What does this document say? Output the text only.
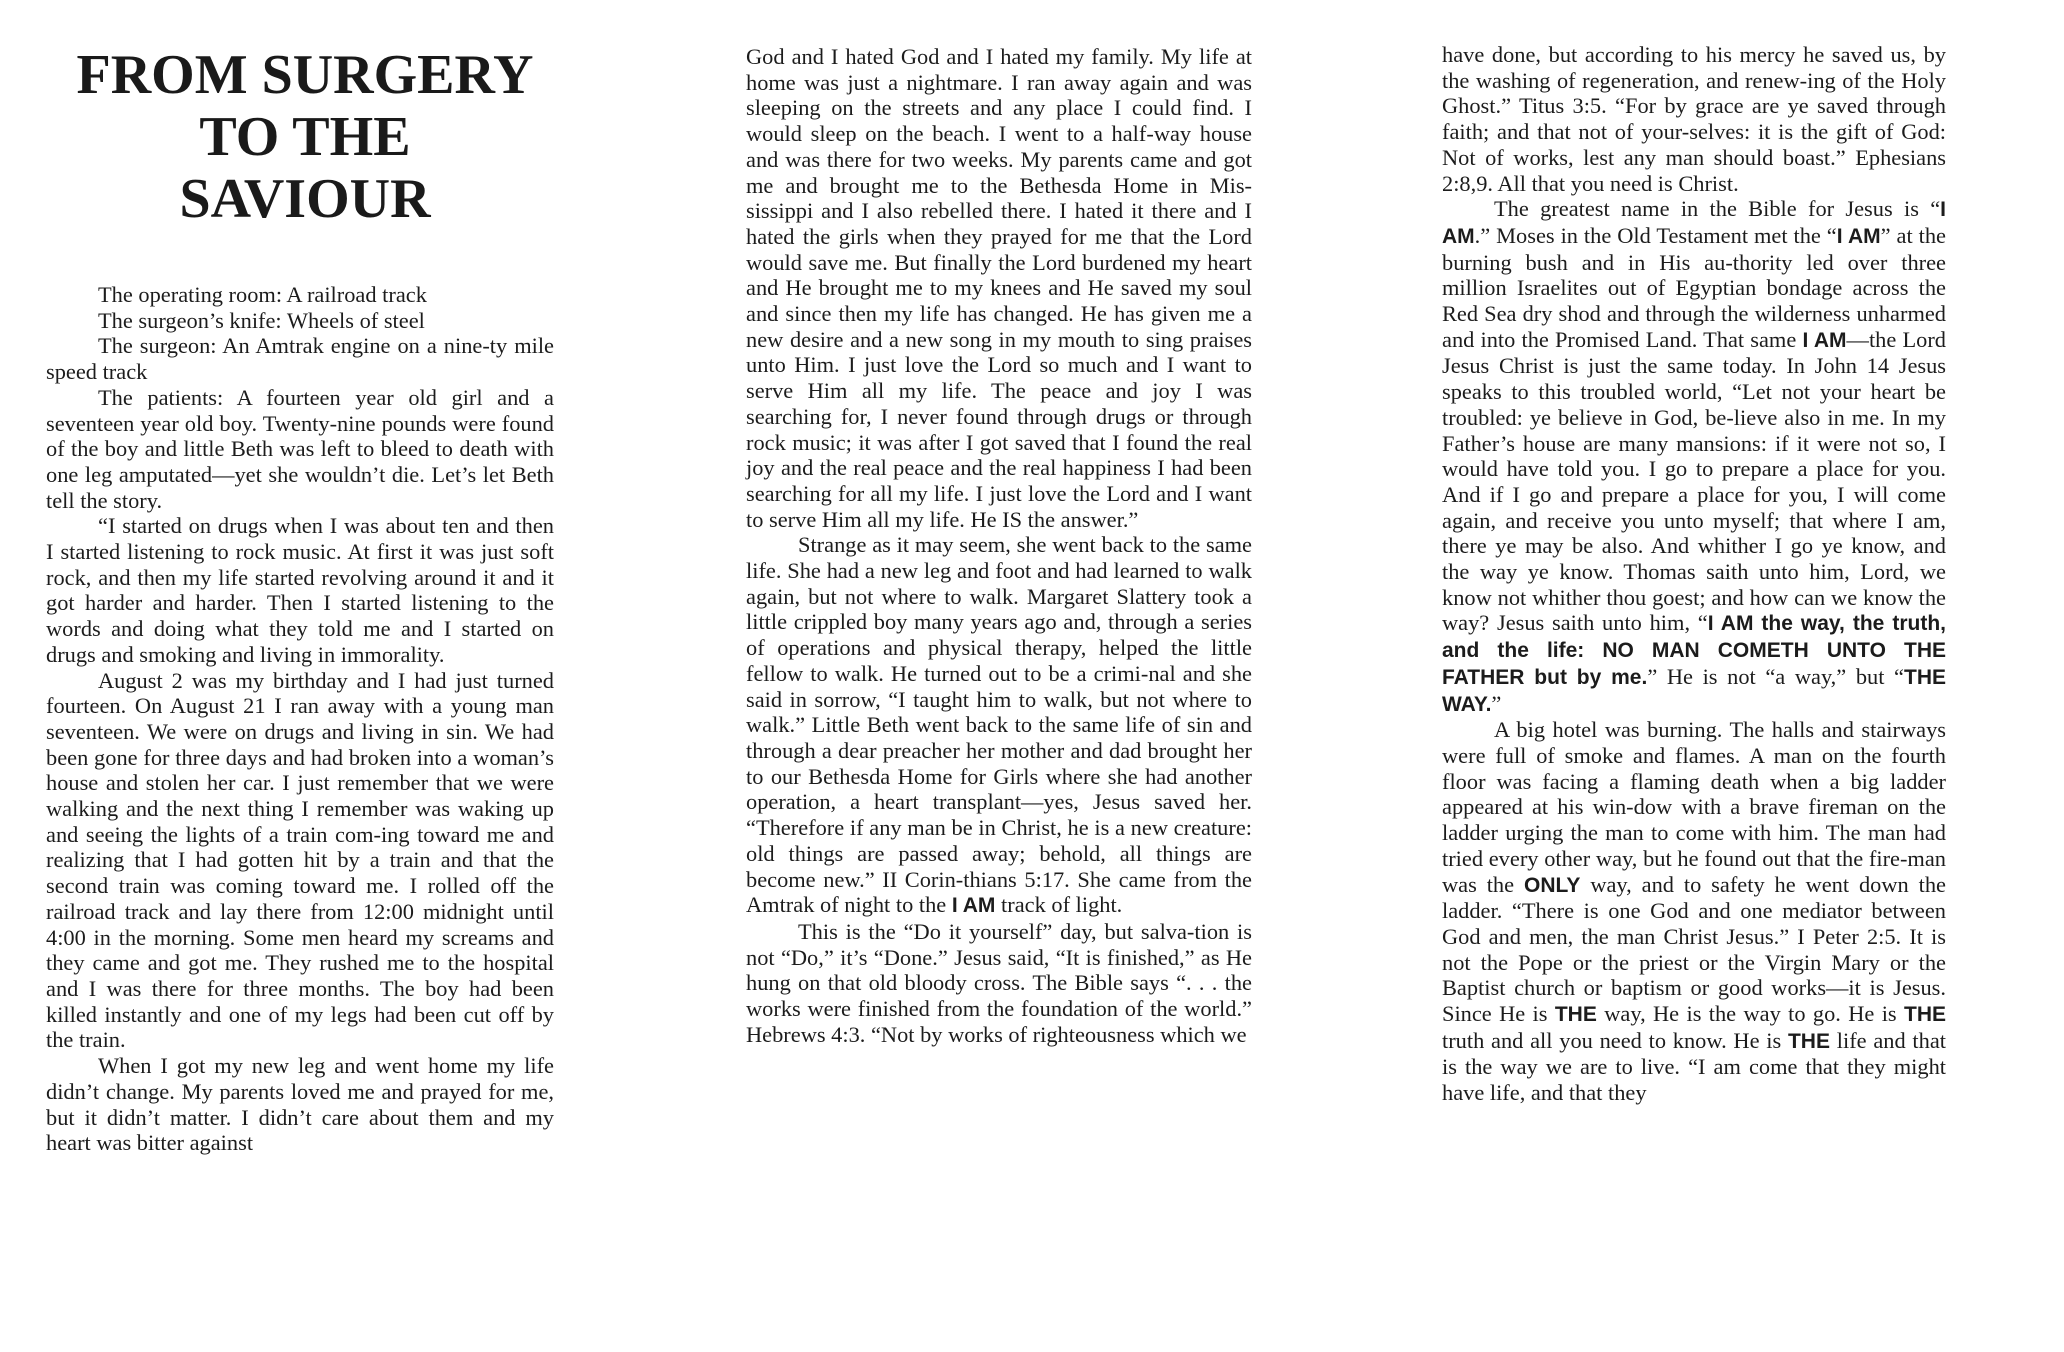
FROM SURGERY
TO THE
SAVIOUR

The operating room: A railroad track

The surgeon’s knife: Wheels of steel

The surgeon: An Amtrak engine on a nine-ty mile speed track

The patients: A fourteen year old girl and a seventeen year old boy. Twenty-nine pounds were found of the boy and little Beth was left to bleed to death with one leg amputated—yet she wouldn’t die. Let’s let Beth tell the story.

“I started on drugs when I was about ten and then I started listening to rock music. At first it was just soft rock, and then my life started revolving around it and it got harder and harder. Then I started listening to the words and doing what they told me and I started on drugs and smoking and living in immorality.

August 2 was my birthday and I had just turned fourteen. On August 21 I ran away with a young man seventeen. We were on drugs and living in sin. We had been gone for three days and had broken into a woman’s house and stolen her car. I just remember that we were walking and the next thing I remember was waking up and seeing the lights of a train com-ing toward me and realizing that I had gotten hit by a train and that the second train was coming toward me. I rolled off the railroad track and lay there from 12:00 midnight until 4:00 in the morning. Some men heard my screams and they came and got me. They rushed me to the hospital and I was there for three months. The boy had been killed instantly and one of my legs had been cut off by the train.

When I got my new leg and went home my life didn’t change. My parents loved me and prayed for me, but it didn’t matter. I didn’t care about them and my heart was bitter against

God and I hated God and I hated my family. My life at home was just a nightmare. I ran away again and was sleeping on the streets and any place I could find. I would sleep on the beach. I went to a half-way house and was there for two weeks. My parents came and got me and brought me to the Bethesda Home in Mis-sissippi and I also rebelled there. I hated it there and I hated the girls when they prayed for me that the Lord would save me. But finally the Lord burdened my heart and He brought me to my knees and He saved my soul and since then my life has changed. He has given me a new desire and a new song in my mouth to sing praises unto Him. I just love the Lord so much and I want to serve Him all my life. The peace and joy I was searching for, I never found through drugs or through rock music; it was after I got saved that I found the real joy and the real peace and the real happiness I had been searching for all my life. I just love the Lord and I want to serve Him all my life. He IS the answer.”

Strange as it may seem, she went back to the same life. She had a new leg and foot and had learned to walk again, but not where to walk. Margaret Slattery took a little crippled boy many years ago and, through a series of operations and physical therapy, helped the little fellow to walk. He turned out to be a crimi-nal and she said in sorrow, “I taught him to walk, but not where to walk.” Little Beth went back to the same life of sin and through a dear preacher her mother and dad brought her to our Bethesda Home for Girls where she had another operation, a heart transplant—yes, Jesus saved her. “Therefore if any man be in Christ, he is a new creature: old things are passed away; behold, all things are become new.” II Corin-thians 5:17. She came from the Amtrak of night to the I AM track of light.

This is the “Do it yourself” day, but salva-tion is not “Do,” it’s “Done.” Jesus said, “It is finished,” as He hung on that old bloody cross. The Bible says “. . . the works were finished from the foundation of the world.” Hebrews 4:3. “Not by works of righteousness which we

have done, but according to his mercy he saved us, by the washing of regeneration, and renew-ing of the Holy Ghost.” Titus 3:5. “For by grace are ye saved through faith; and that not of your-selves: it is the gift of God: Not of works, lest any man should boast.” Ephesians 2:8,9. All that you need is Christ.

The greatest name in the Bible for Jesus is “I AM.” Moses in the Old Testament met the “I AM” at the burning bush and in His au-thority led over three million Israelites out of Egyptian bondage across the Red Sea dry shod and through the wilderness unharmed and into the Promised Land. That same I AM—the Lord Jesus Christ is just the same today. In John 14 Jesus speaks to this troubled world, “Let not your heart be troubled: ye believe in God, be-lieve also in me. In my Father’s house are many mansions: if it were not so, I would have told you. I go to prepare a place for you. And if I go and prepare a place for you, I will come again, and receive you unto myself; that where I am, there ye may be also. And whither I go ye know, and the way ye know. Thomas saith unto him, Lord, we know not whither thou goest; and how can we know the way? Jesus saith unto him, “I AM the way, the truth, and the life: NO MAN COMETH UNTO THE FATHER but by me.” He is not “a way,” but “THE WAY.”

A big hotel was burning. The halls and stairways were full of smoke and flames. A man on the fourth floor was facing a flaming death when a big ladder appeared at his win-dow with a brave fireman on the ladder urging the man to come with him. The man had tried every other way, but he found out that the fire-man was the ONLY way, and to safety he went down the ladder. “There is one God and one mediator between God and men, the man Christ Jesus.” I Peter 2:5. It is not the Pope or the priest or the Virgin Mary or the Baptist church or baptism or good works—it is Jesus. Since He is THE way, He is the way to go. He is THE truth and all you need to know. He is THE life and that is the way we are to live. “I am come that they might have life, and that they
